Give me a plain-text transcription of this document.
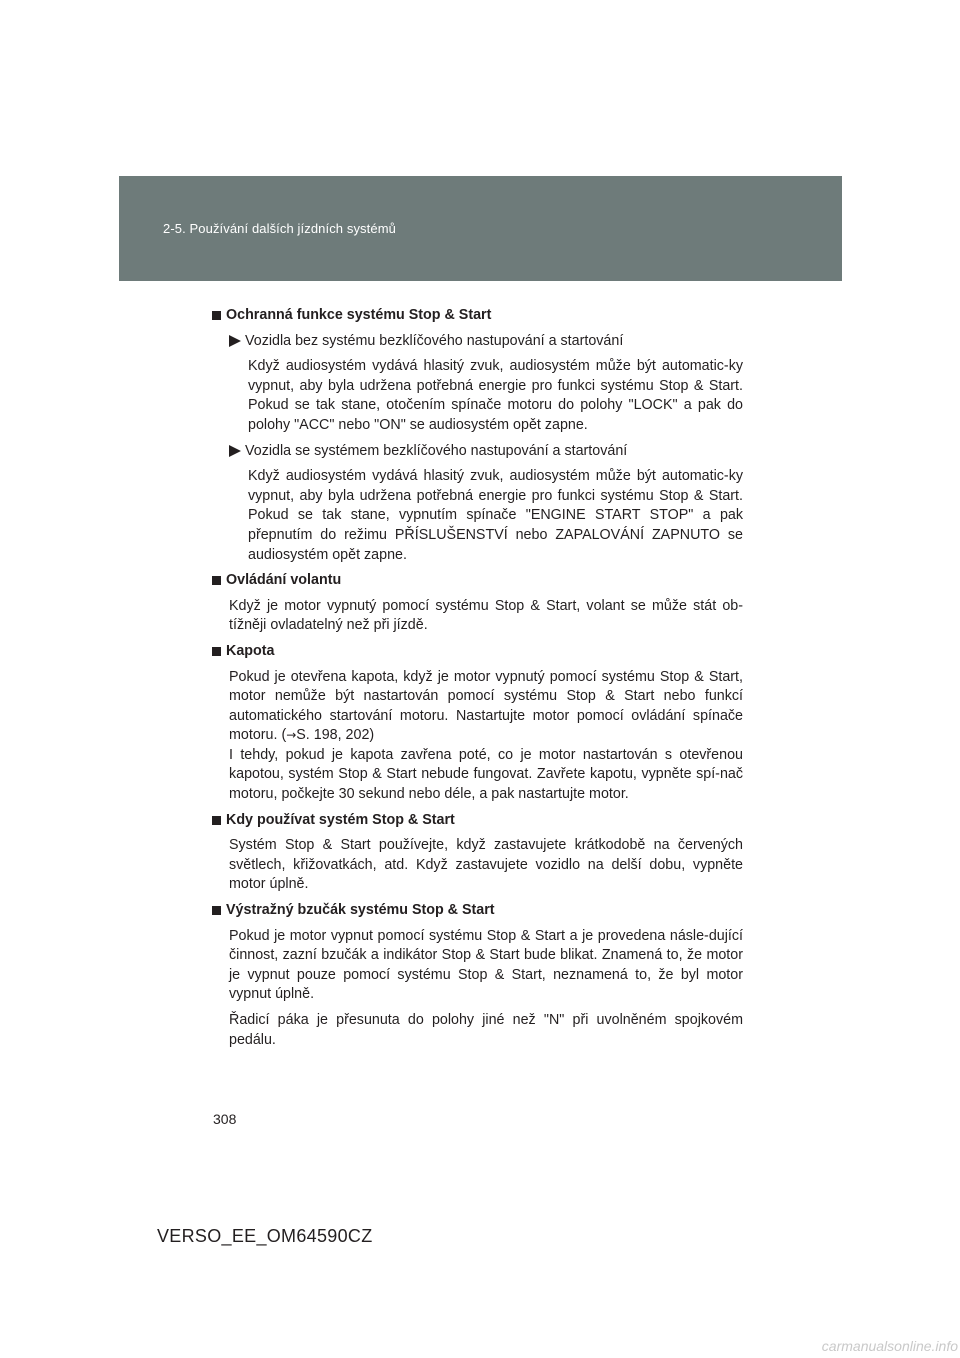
2-5. Používání dalších jízdních systémů
Ochranná funkce systému Stop & Start
Vozidla bez systému bezklíčového nastupování a startování
Když audiosystém vydává hlasitý zvuk, audiosystém může být automatic-ky vypnut, aby byla udržena potřebná energie pro funkci systému Stop & Start. Pokud se tak stane, otočením spínače motoru do polohy "LOCK" a pak do polohy "ACC" nebo "ON" se audiosystém opět zapne.
Vozidla se systémem bezklíčového nastupování a startování
Když audiosystém vydává hlasitý zvuk, audiosystém může být automatic-ky vypnut, aby byla udržena potřebná energie pro funkci systému Stop & Start. Pokud se tak stane, vypnutím spínače "ENGINE START STOP" a pak přepnutím do režimu PŘÍSLUŠENSTVÍ nebo ZAPALOVÁNÍ ZAPNUTO se audiosystém opět zapne.
Ovládání volantu
Když je motor vypnutý pomocí systému Stop & Start, volant se může stát ob-tížněji ovladatelný než při jízdě.
Kapota
Pokud je otevřena kapota, když je motor vypnutý pomocí systému Stop & Start, motor nemůže být nastartován pomocí systému Stop & Start nebo funkcí automatického startování motoru. Nastartujte motor pomocí ovládání spínače motoru. (→S. 198, 202)
I tehdy, pokud je kapota zavřena poté, co je motor nastartován s otevřenou kapotou, systém Stop & Start nebude fungovat. Zavřete kapotu, vypněte spí-nač motoru, počkejte 30 sekund nebo déle, a pak nastartujte motor.
Kdy používat systém Stop & Start
Systém Stop & Start používejte, když zastavujete krátkodobě na červených světlech, křižovatkách, atd. Když zastavujete vozidlo na delší dobu, vypněte motor úplně.
Výstražný bzučák systému Stop & Start
Pokud je motor vypnut pomocí systému Stop & Start a je provedena násle-dující činnost, zazní bzučák a indikátor Stop & Start bude blikat. Znamená to, že motor je vypnut pouze pomocí systému Stop & Start, neznamená to, že byl motor vypnut úplně.
Řadicí páka je přesunuta do polohy jiné než "N" při uvolněném spojkovém pedálu.
308
VERSO_EE_OM64590CZ
carmanualsonline.info
